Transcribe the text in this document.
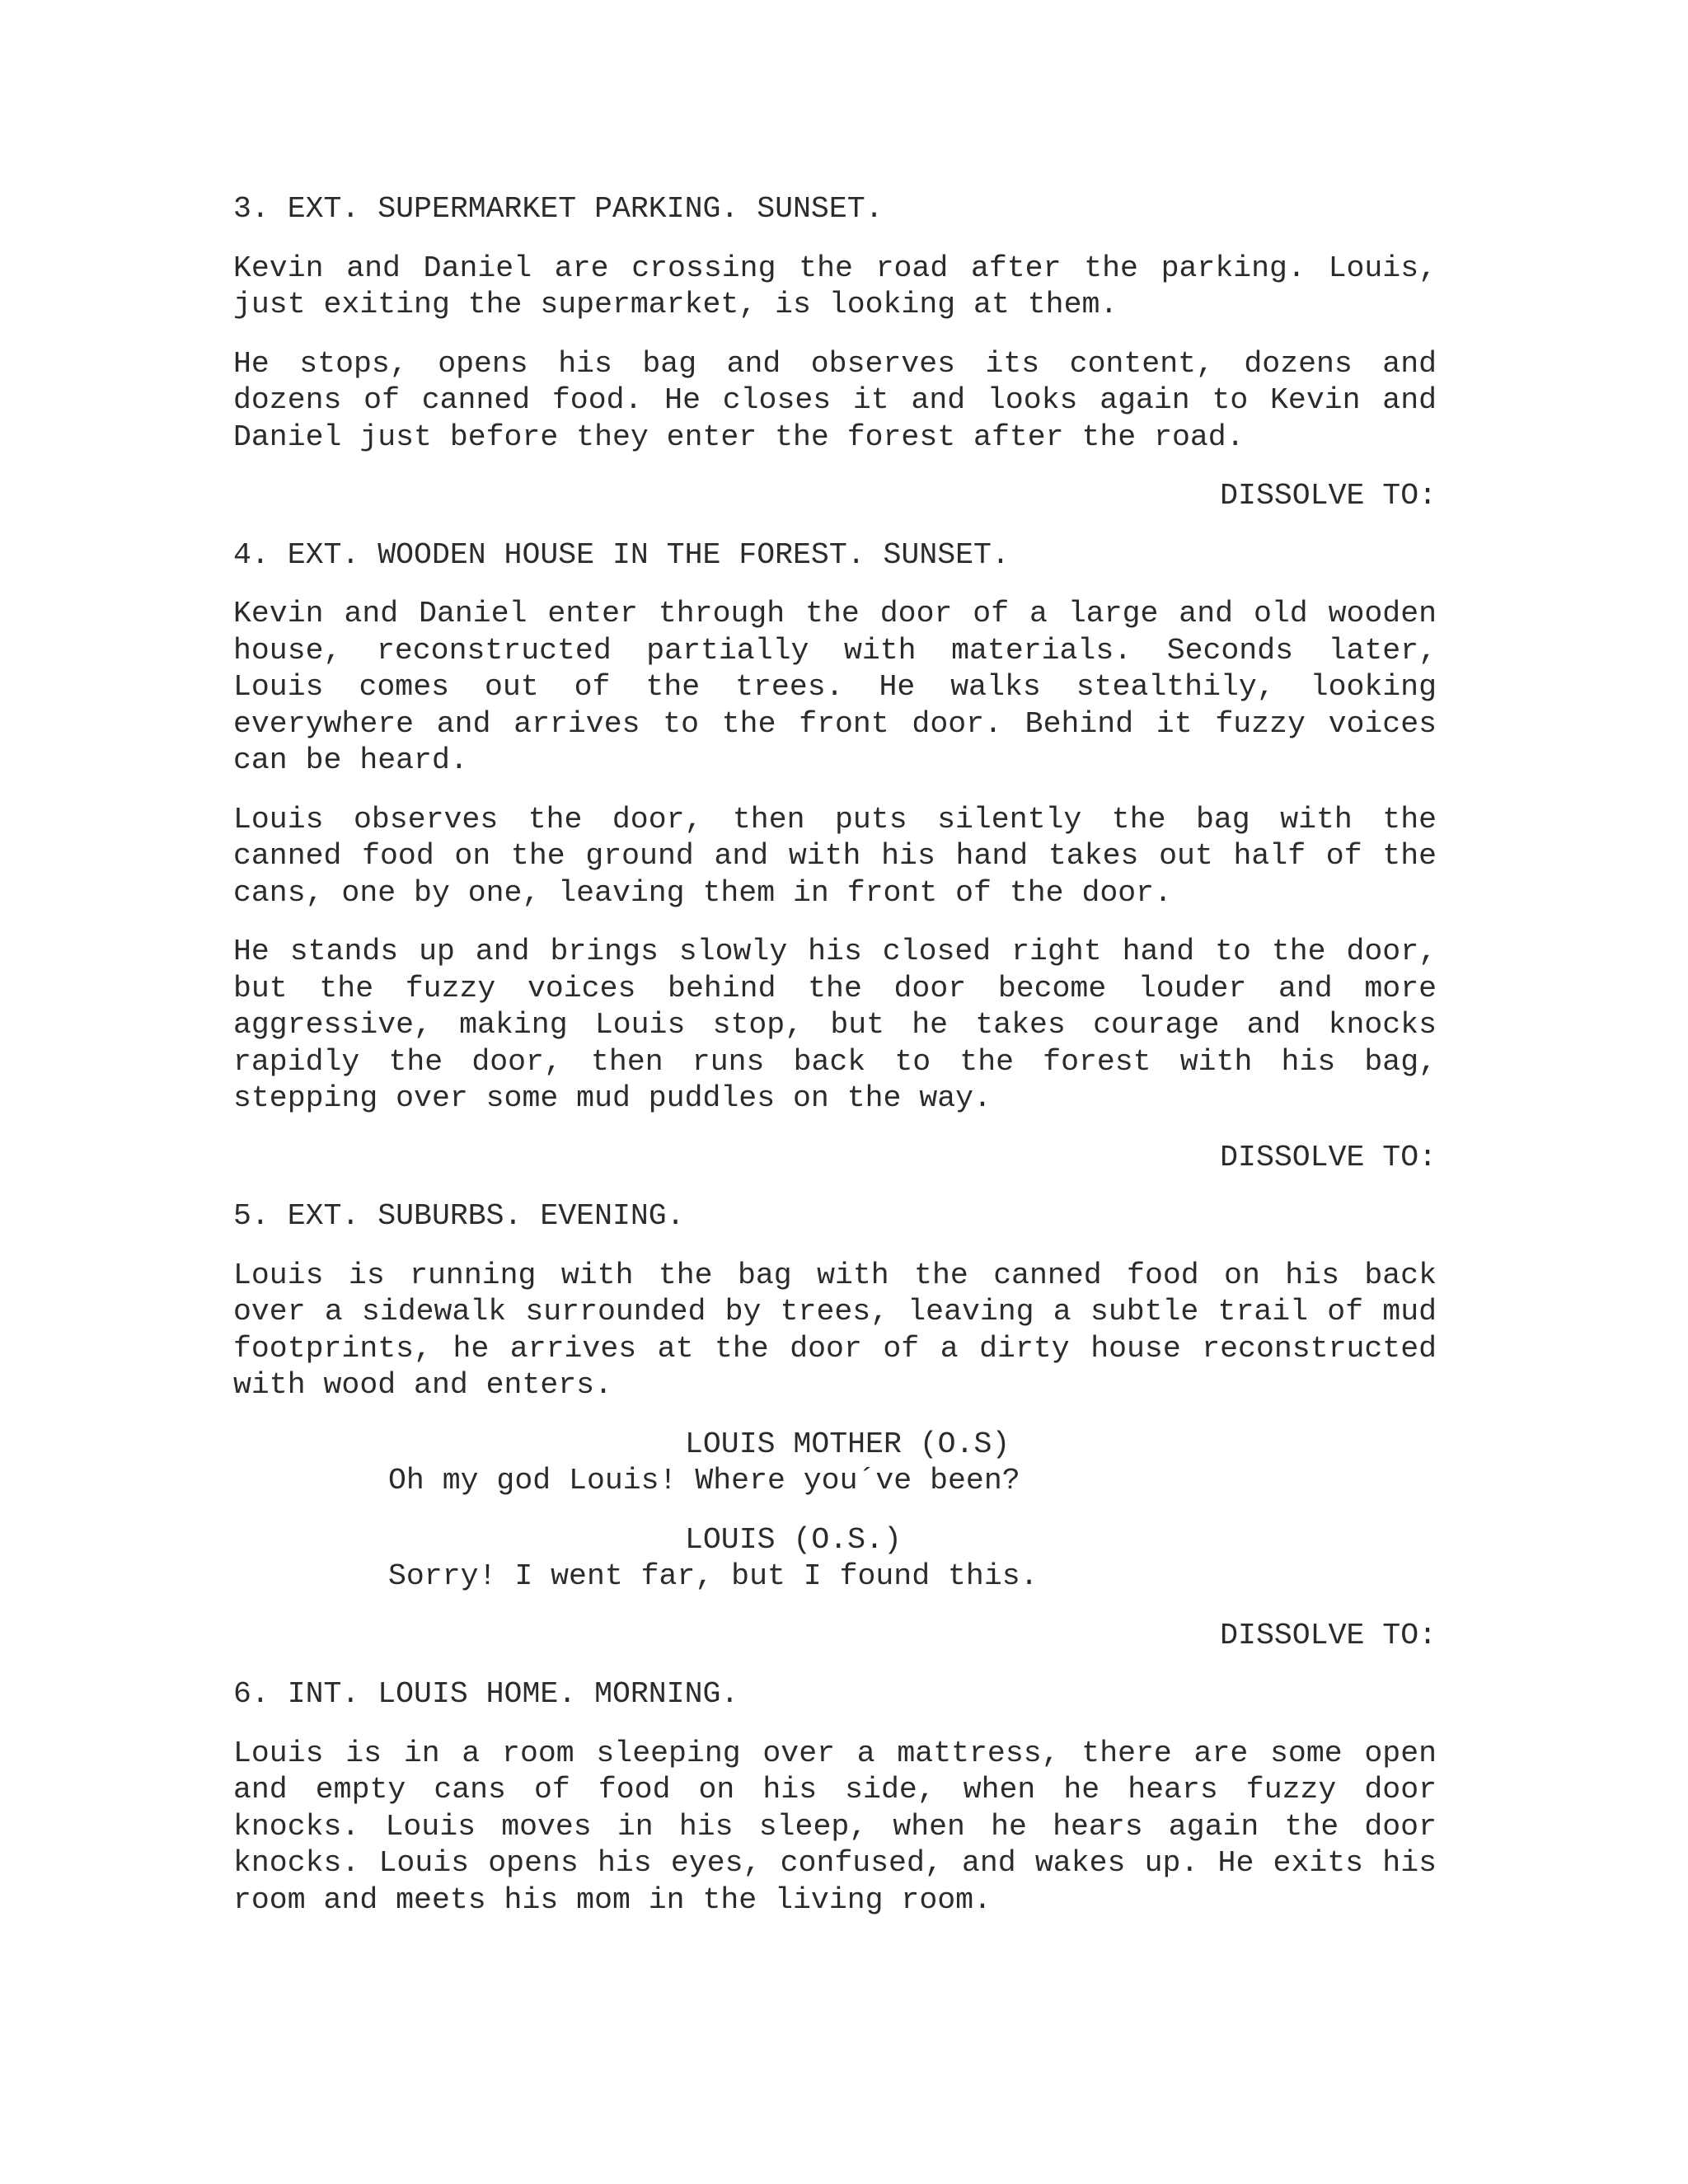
3. EXT. SUPERMARKET PARKING. SUNSET.
Kevin and Daniel are crossing the road after the parking. Louis, just exiting the supermarket, is looking at them.
He stops, opens his bag and observes its content, dozens and dozens of canned food. He closes it and looks again to Kevin and Daniel just before they enter the forest after the road.
DISSOLVE TO:
4. EXT. WOODEN HOUSE IN THE FOREST. SUNSET.
Kevin and Daniel enter through the door of a large and old wooden house, reconstructed partially with materials. Seconds later, Louis comes out of the trees. He walks stealthily, looking everywhere and arrives to the front door. Behind it fuzzy voices can be heard.
Louis observes the door, then puts silently the bag with the canned food on the ground and with his hand takes out half of the cans, one by one, leaving them in front of the door.
He stands up and brings slowly his closed right hand to the door, but the fuzzy voices behind the door become louder and more aggressive, making Louis stop, but he takes courage and knocks rapidly the door, then runs back to the forest with his bag, stepping over some mud puddles on the way.
DISSOLVE TO:
5. EXT. SUBURBS. EVENING.
Louis is running with the bag with the canned food on his back over a sidewalk surrounded by trees, leaving a subtle trail of mud footprints, he arrives at the door of a dirty house reconstructed with wood and enters.
LOUIS MOTHER (O.S)
Oh my god Louis! Where you´ve been?
LOUIS (O.S.)
Sorry! I went far, but I found this.
DISSOLVE TO:
6. INT. LOUIS HOME. MORNING.
Louis is in a room sleeping over a mattress, there are some open and empty cans of food on his side, when he hears fuzzy door knocks. Louis moves in his sleep, when he hears again the door knocks. Louis opens his eyes, confused, and wakes up. He exits his room and meets his mom in the living room.
